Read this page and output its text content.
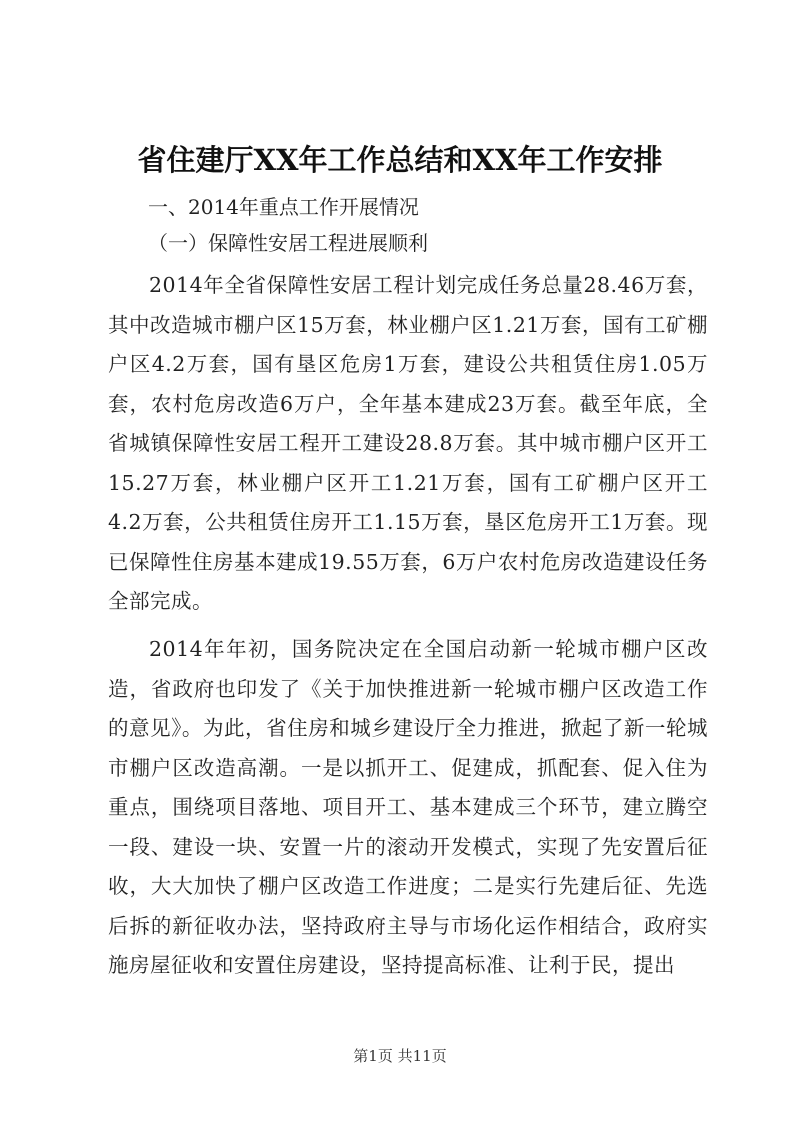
省住建厅XX年工作总结和XX年工作安排

一、2014年重点工作开展情况

（一）保障性安居工程进展顺利

2014年全省保障性安居工程计划完成任务总量28.46万套，其中改造城市棚户区15万套，林业棚户区1.21万套，国有工矿棚户区4.2万套，国有垦区危房1万套，建设公共租赁住房1.05万套，农村危房改造6万户，全年基本建成23万套。截至年底，全省城镇保障性安居工程开工建设28.8万套。其中城市棚户区开工15.27万套，林业棚户区开工1.21万套，国有工矿棚户区开工4.2万套，公共租赁住房开工1.15万套，垦区危房开工1万套。现已保障性住房基本建成19.55万套，6万户农村危房改造建设任务全部完成。

2014年年初，国务院决定在全国启动新一轮城市棚户区改造，省政府也印发了《关于加快推进新一轮城市棚户区改造工作的意见》。为此，省住房和城乡建设厅全力推进，掀起了新一轮城市棚户区改造高潮。一是以抓开工、促建成，抓配套、促入住为重点，围绕项目落地、项目开工、基本建成三个环节，建立腾空一段、建设一块、安置一片的滚动开发模式，实现了先安置后征收，大大加快了棚户区改造工作进度；二是实行先建后征、先选后拆的新征收办法，坚持政府主导与市场化运作相结合，政府实施房屋征收和安置住房建设，坚持提高标准、让利于民，提出

第1页 共11页
